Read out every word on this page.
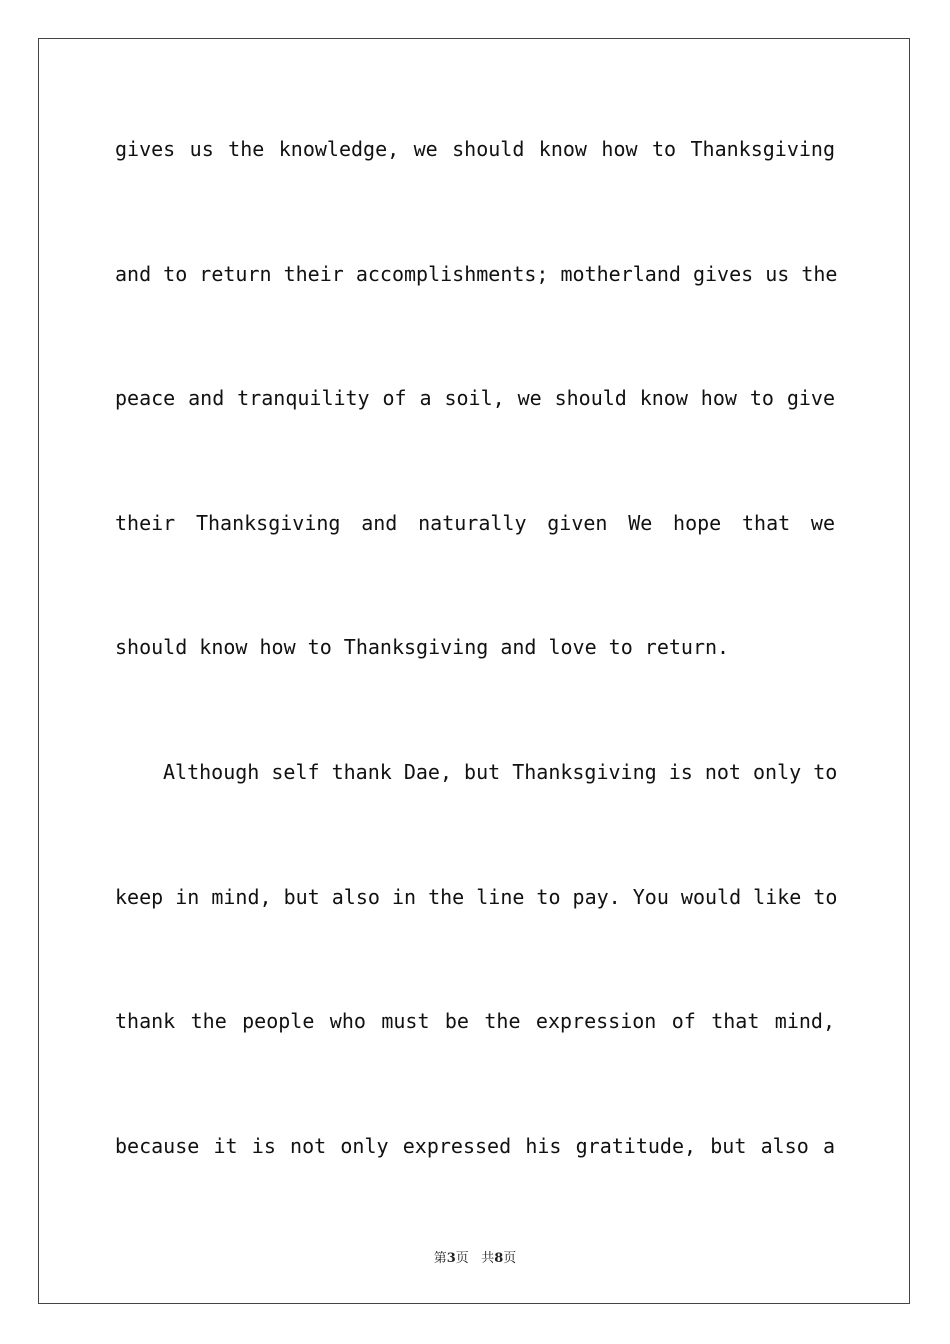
gives us the knowledge, we should know how to Thanksgiving
and to return their accomplishments; motherland gives us the
peace and tranquility of a soil, we should know how to give
their Thanksgiving and naturally given We hope that we
should know how to Thanksgiving and love to return.
Although self thank Dae, but Thanksgiving is not only to
keep in mind, but also in the line to pay. You would like to
thank the people who must be the expression of that mind,
because it is not only expressed his gratitude, but also a
第3页 共8页
